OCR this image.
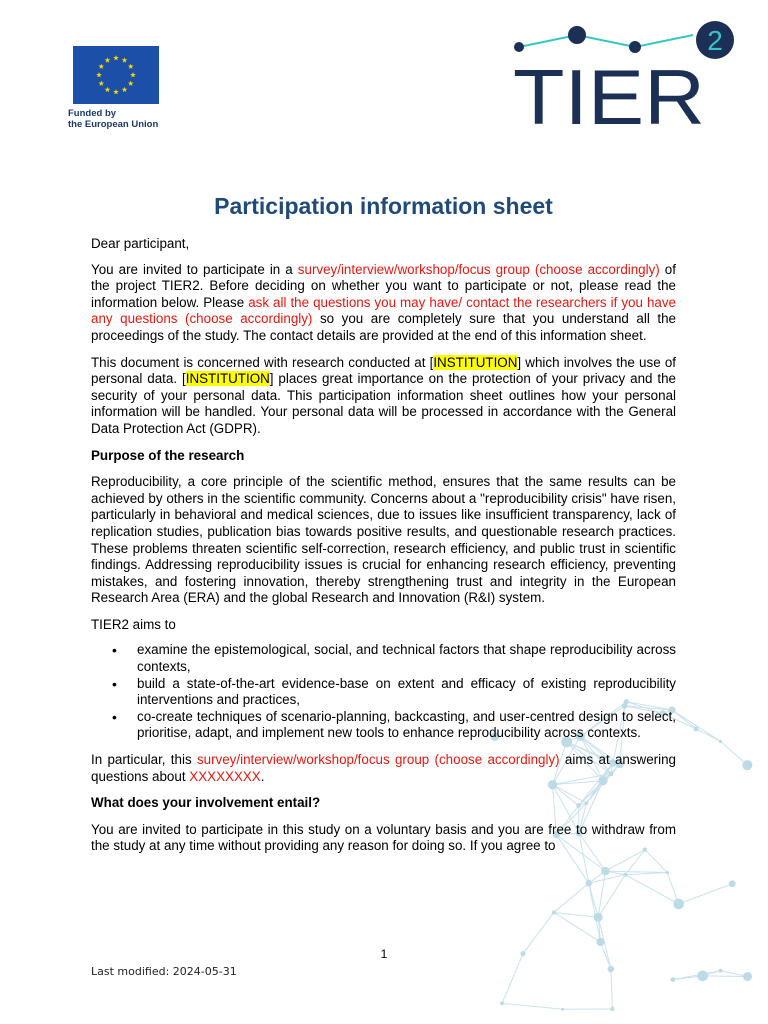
Funded by
the European Union	TIER
2
Participation information sheet

Dear participant,

You are invited to participate in a survey/interview/workshop/focus group (choose accordingly) of the project TIER2. Before deciding on whether you want to participate or not, please read the information below. Please ask all the questions you may have/ contact the researchers if you have any questions (choose accordingly) so you are completely sure that you understand all the proceedings of the study. The contact details are provided at the end of this information sheet.

This document is concerned with research conducted at [INSTITUTION] which involves the use of personal data. [INSTITUTION] places great importance on the protection of your privacy and the security of your personal data. This participation information sheet outlines how your personal information will be handled. Your personal data will be processed in accordance with the General Data Protection Act (GDPR).

Purpose of the research

Reproducibility, a core principle of the scientific method, ensures that the same results can be achieved by others in the scientific community. Concerns about a "reproducibility crisis" have risen, particularly in behavioral and medical sciences, due to issues like insufficient transparency, lack of replication studies, publication bias towards positive results, and questionable research practices. These problems threaten scientific self-correction, research efficiency, and public trust in scientific findings. Addressing reproducibility issues is crucial for enhancing research efficiency, preventing mistakes, and fostering innovation, thereby strengthening trust and integrity in the European Research Area (ERA) and the global Research and Innovation (R&I) system.

TIER2 aims to

• examine the epistemological, social, and technical factors that shape reproducibility across contexts,
• build a state-of-the-art evidence-base on extent and efficacy of existing reproducibility interventions and practices,
• co-create techniques of scenario-planning, backcasting, and user-centred design to select, prioritise, adapt, and implement new tools to enhance reproducibility across contexts.

In particular, this survey/interview/workshop/focus group (choose accordingly) aims at answering questions about XXXXXXXX.

What does your involvement entail?

You are invited to participate in this study on a voluntary basis and you are free to withdraw from the study at any time without providing any reason for doing so. If you agree to

1
Last modified: 2024-05-31
